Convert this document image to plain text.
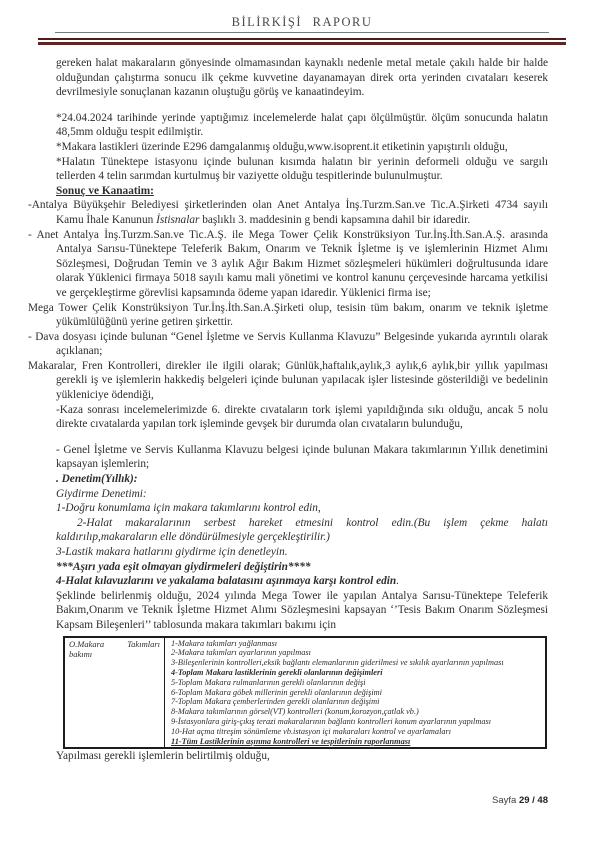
BİLİRKİŞİ RAPORU

gereken halat makaraların gönyesinde olmamasından kaynaklı nedenle metal metale çakılı halde bir halde olduğundan çalıştırma sonucu ilk çekme kuvvetine dayanamayan direk orta yerinden cıvataları keserek devrilmesiyle sonuçlanan kazanın oluştuğu görüş ve kanaatindeyim.

*24.04.2024 tarihinde yerinde yaptığımız incelemelerde halat çapı ölçülmüştür. ölçüm sonucunda halatın 48,5mm olduğu tespit edilmiştir.

*Makara lastikleri üzerinde E296 damgalanmış olduğu,www.isoprent.it etiketinin yapıştırılı olduğu,

*Halatın Tünektepe istasyonu içinde bulunan kısımda halatın bir yerinin deformeli olduğu ve sargılı tellerden 4 telin sarımdan kurtulmuş bir vaziyette olduğu tespitlerinde bulunulmuştur.

Sonuç ve Kanaatim:

-Antalya Büyükşehir Belediyesi şirketlerinden olan Anet Antalya İnş.Turzm.San.ve Tic.A.Şirketi 4734 sayılı Kamu İhale Kanunun İstisnalar başlıklı 3. maddesinin g bendi kapsamına dahil bir idaredir.

- Anet Antalya İnş.Turzm.San.ve Tic.A.Ş. ile Mega Tower Çelik Konstrüksiyon Tur.İnş.İth.San.A.Ş. arasında Antalya Sarısu-Tünektepe Teleferik Bakım, Onarım ve Teknik İşletme iş ve işlemlerinin Hizmet Alımı Sözleşmesi, Doğrudan Temin ve 3 aylık Ağır Bakım Hizmet sözleşmeleri hükümleri doğrultusunda idare olarak Yüklenici firmaya 5018 sayılı kamu mali yönetimi ve kontrol kanunu çerçevesinde harcama yetkilisi ve gerçekleştirme görevlisi kapsamında ödeme yapan idaredir. Yüklenici firma ise;

Mega Tower Çelik Konstrüksiyon Tur.İnş.İth.San.A.Şirketi olup, tesisin tüm bakım, onarım ve teknik işletme yükümlülüğünü yerine getiren şirkettir.

- Dava dosyası içinde bulunan “Genel İşletme ve Servis Kullanma Klavuzu” Belgesinde yukarıda ayrıntılı olarak açıklanan;

Makaralar, Fren Kontrolleri, direkler ile ilgili olarak; Günlük,haftalık,aylık,3 aylık,6 aylık,bir yıllık yapılması gerekli iş ve işlemlerin hakkediş belgeleri içinde bulunan yapılacak işler listesinde gösterildiği ve bedelinin yükleniciye ödendiği,

-Kaza sonrası incelemelerimizde 6. direkte cıvataların tork işlemi yapıldığında sıkı olduğu, ancak 5 nolu direkte cıvatalarda yapılan tork işleminde gevşek bir durumda olan cıvataların bulunduğu,

- Genel İşletme ve Servis Kullanma Klavuzu belgesi içinde bulunan Makara takımlarının Yıllık denetimini kapsayan işlemlerin;

. Denetim(Yıllık):

Giydirme Denetimi:

1-Doğru konumlama için makara takımlarını kontrol edin,

2-Halat makaralarının serbest hareket etmesini kontrol edin.(Bu işlem çekme halatı kaldırılıp,makaraların elle döndürülmesiyle gerçekleştirilir.)

3-Lastik makara hatlarını giydirme için denetleyin.

***Aşırı yada eşit olmayan giydirmeleri değiştirin****

4-Halat kılavuzlarını ve yakalama balatasını aşınmaya karşı kontrol edin.

Şeklinde belirlenmiş olduğu, 2024 yılında Mega Tower ile yapılan Antalya Sarısu-Tünektepe Teleferik Bakım,Onarım ve Teknik İşletme Hizmet Alımı Sözleşmesini kapsayan ‘’Tesis Bakım Onarım Sözleşmesi Kapsam Bileşenleri’’ tablosunda makara takımları bakımı için

O.Makara Takımları bakımı
1-Makara takımları yağlanması
2-Makara takımları ayarlarının yapılması
3-Bileşenlerinin kontrolleri,eksik bağlantı elemanlarının giderilmesi ve sıkılık ayarlarının yapılması
4-Toplam Makara lastiklerinin gerekli olanlarının değişimleri
5-Toplam Makara rulmanlarının gerekli olanlarının değişi
6-Toplam Makara göbek millerinin gerekli olanlarının değişimi
7-Toplam Makara çemberlerinden gerekli olanlarının değişimi
8-Makara takımlarının görsel(VT) kontrolleri (konum,korozyon,çatlak vb.)
9-İstasyonlara giriş-çıkış terazi makaralarının bağlantı kontrolleri konum ayarlarının yapılması
10-Hat açma titreşim sönümleme vb.istasyon içi makaraları kontrol ve ayarlamaları
11-Tüm Lastiklerinin aşınma kontrolleri ve tespitlerinin raporlanması

Yapılması gerekli işlemlerin belirtilmiş olduğu,

Sayfa 29 / 48
